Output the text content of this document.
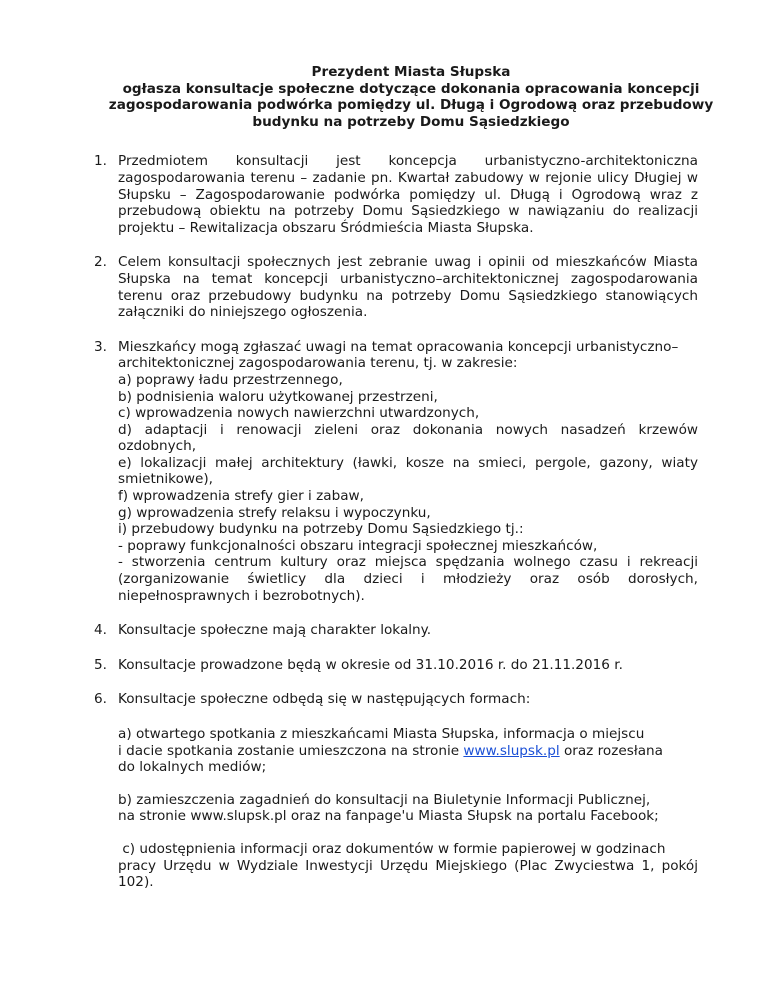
Prezydent Miasta Słupska
ogłasza konsultacje społeczne dotyczące dokonania opracowania koncepcji
zagospodarowania podwórka pomiędzy ul. Długą i Ogrodową oraz przebudowy
budynku na potrzeby Domu Sąsiedzkiego
1. Przedmiotem konsultacji jest koncepcja urbanistyczno-architektoniczna zagospodarowania terenu – zadanie pn. Kwartał zabudowy w rejonie ulicy Długiej w Słupsku – Zagospodarowanie podwórka pomiędzy ul. Długą i Ogrodową wraz z przebudową obiektu na potrzeby Domu Sąsiedzkiego w nawiązaniu do realizacji projektu – Rewitalizacja obszaru Śródmieścia Miasta Słupska.

2. Celem konsultacji społecznych jest zebranie uwag i opinii od mieszkańców Miasta Słupska na temat koncepcji urbanistyczno–architektonicznej zagospodarowania terenu oraz przebudowy budynku na potrzeby Domu Sąsiedzkiego stanowiących załączniki do niniejszego ogłoszenia.

3. Mieszkańcy mogą zgłaszać uwagi na temat opracowania koncepcji urbanistyczno–architektonicznej zagospodarowania terenu, tj. w zakresie:

a) poprawy ładu przestrzennego,

b) podnisienia waloru użytkowanej przestrzeni,

c) wprowadzenia nowych nawierzchni utwardzonych,

d) adaptacji i renowacji zieleni oraz dokonania nowych nasadzeń krzewów ozdobnych,

e) lokalizacji małej architektury (ławki, kosze na smieci, pergole, gazony, wiaty smietnikowe),

f) wprowadzenia strefy gier i zabaw,

g) wprowadzenia strefy relaksu i wypoczynku,

i) przebudowy budynku na potrzeby Domu Sąsiedzkiego tj.:

- poprawy funkcjonalności obszaru integracji społecznej mieszkańców,

- stworzenia centrum kultury oraz miejsca spędzania wolnego czasu i rekreacji (zorganizowanie świetlicy dla dzieci i młodzieży oraz osób dorosłych, niepełnosprawnych i bezrobotnych).

4. Konsultacje społeczne mają charakter lokalny.

5. Konsultacje prowadzone będą w okresie od 31.10.2016 r. do 21.11.2016 r.

6. Konsultacje społeczne odbędą się w następujących formach:

a) otwartego spotkania z mieszkańcami Miasta Słupska, informacja o miejscu
i dacie spotkania zostanie umieszczona na stronie www.slupsk.pl oraz rozesłana
do lokalnych mediów;
b) zamieszczenia zagadnień do konsultacji na Biuletynie Informacji Publicznej,
na stronie www.slupsk.pl oraz na fanpage'u Miasta Słupsk na portalu Facebook;
c) udostępnienia informacji oraz dokumentów w formie papierowej w godzinach
pracy Urzędu w Wydziale Inwestycji Urzędu Miejskiego (Plac Zwyciestwa 1, pokój 102).
